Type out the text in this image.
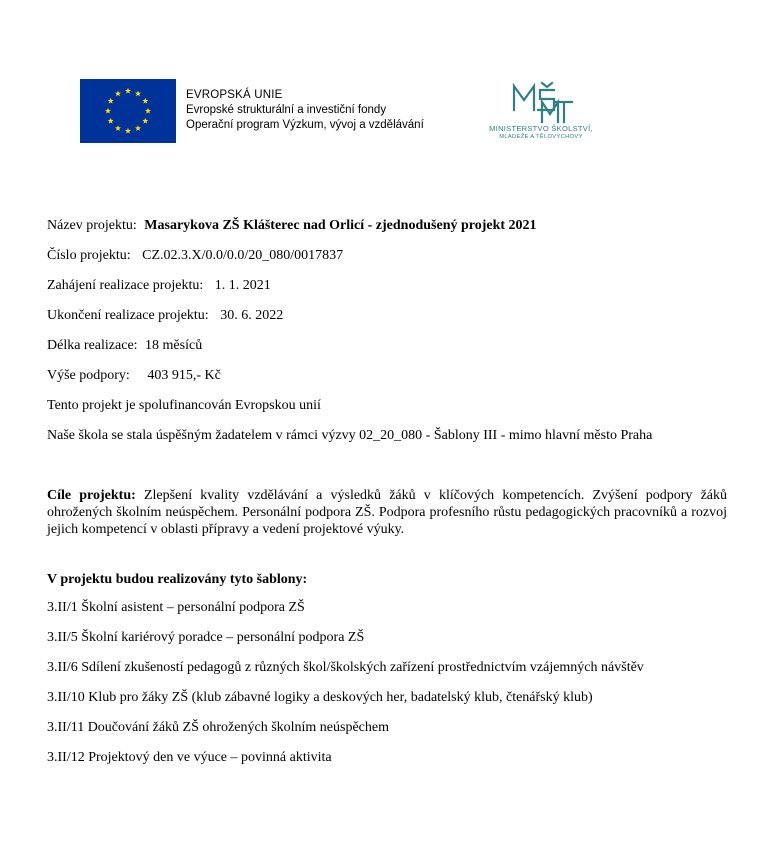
EVROPSKÁ UNIE
Evropské strukturální a investiční fondy
Operační program Výzkum, vývoj a vzdělávání	MINISTERSTVO ŠKOLSTVÍ,
MLÁDEŽE A TĚLOVÝCHOVY
Název projektu: Masarykova ZŠ Klášterec nad Orlicí - zjednodušený projekt 2021
Číslo projektu: CZ.02.3.X/0.0/0.0/20_080/0017837
Zahájení realizace projektu: 1. 1. 2021
Ukončení realizace projektu: 30. 6. 2022
Délka realizace: 18 měsíců
Výše podpory: 403 915,- Kč
Tento projekt je spolufinancován Evropskou unií
Naše škola se stala úspěšným žadatelem v rámci výzvy 02_20_080 - Šablony III - mimo hlavní město Praha
Cíle projektu: Zlepšení kvality vzdělávání a výsledků žáků v klíčových kompetencích. Zvýšení podpory žáků ohrožených školním neúspěchem. Personální podpora ZŠ. Podpora profesního růstu pedagogických pracovníků a rozvoj jejich kompetencí v oblasti přípravy a vedení projektové výuky.
V projektu budou realizovány tyto šablony:
3.II/1 Školní asistent – personální podpora ZŠ
3.II/5 Školní kariérový poradce – personální podpora ZŠ
3.II/6 Sdílení zkušeností pedagogů z různých škol/školských zařízení prostřednictvím vzájemných návštěv
3.II/10 Klub pro žáky ZŠ (klub zábavné logiky a deskových her, badatelský klub, čtenářský klub)
3.II/11 Doučování žáků ZŠ ohrožených školním neúspěchem
3.II/12 Projektový den ve výuce – povinná aktivita
